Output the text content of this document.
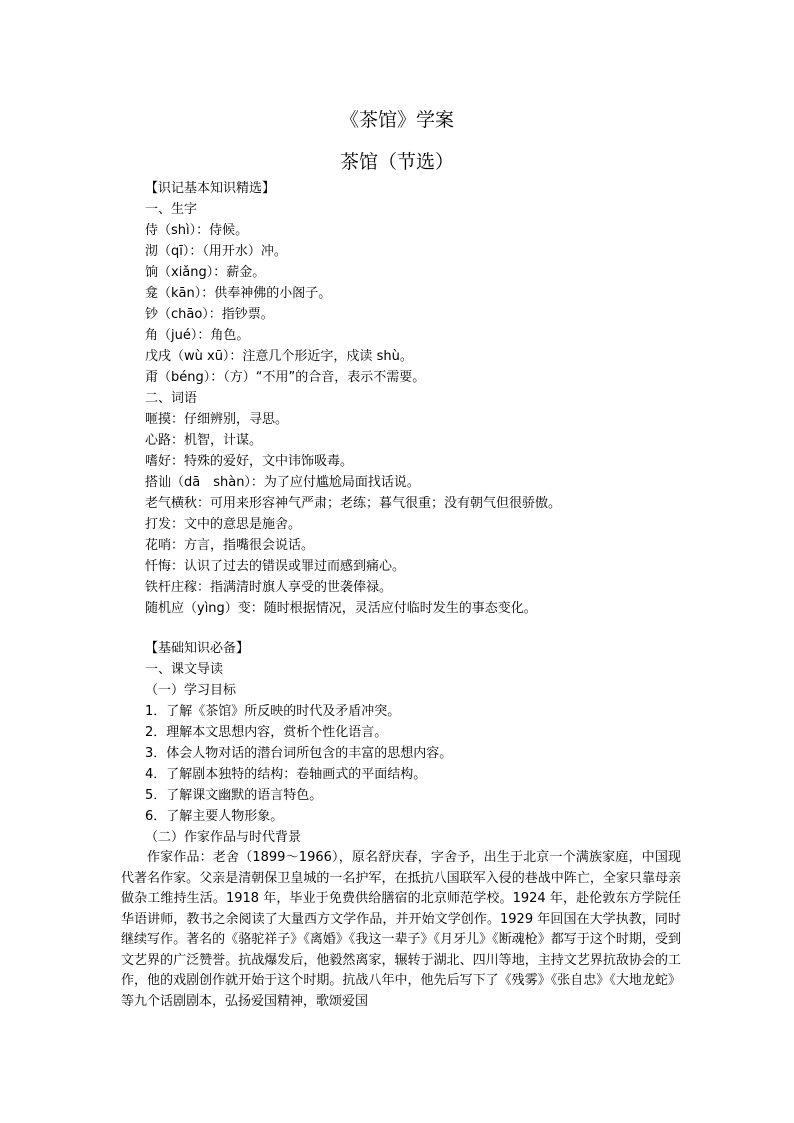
《茶馆》学案
茶馆（节选）
【识记基本知识精选】
一、生字
侍（shì）：侍候。
沏（qī）：（用开水）冲。
饷（xiǎng）：薪金。
龛（kān）：供奉神佛的小阁子。
钞（chāo）：指钞票。
角（jué）：角色。
戊戌（wù xū）：注意几个形近字，戍读 shù。
甭（béng）：（方）“不用”的合音，表示不需要。
二、词语
咂摸：仔细辨别，寻思。
心路：机智，计谋。
嗜好：特殊的爱好，文中讳饰吸毒。
搭讪（dā　shàn）：为了应付尴尬局面找话说。
老气横秋：可用来形容神气严肃；老练；暮气很重；没有朝气但很骄傲。
打发：文中的意思是施舍。
花哨：方言，指嘴很会说话。
忏悔：认识了过去的错误或罪过而感到痛心。
铁杆庄稼：指满清时旗人享受的世袭俸禄。
随机应（yìng）变：随时根据情况，灵活应付临时发生的事态变化。
【基础知识必备】
一、课文导读
（一）学习目标
1．了解《茶馆》所反映的时代及矛盾冲突。
2．理解本文思想内容，赏析个性化语言。
3．体会人物对话的潜台词所包含的丰富的思想内容。
4．了解剧本独特的结构：卷轴画式的平面结构。
5．了解课文幽默的语言特色。
6．了解主要人物形象。
（二）作家作品与时代背景
作家作品：老舍（1899～1966），原名舒庆春，字舍予，出生于北京一个满族家庭，中国现代著名作家。父亲是清朝保卫皇城的一名护军，在抵抗八国联军入侵的巷战中阵亡，全家只靠母亲做杂工维持生活。1918 年，毕业于免费供给膳宿的北京师范学校。1924 年，赴伦敦东方学院任华语讲师，教书之余阅读了大量西方文学作品，并开始文学创作。1929 年回国在大学执教，同时继续写作。著名的《骆驼祥子》《离婚》《我这一辈子》《月牙儿》《断魂枪》都写于这个时期，受到文艺界的广泛赞誉。抗战爆发后，他毅然离家，辗转于湖北、四川等地，主持文艺界抗敌协会的工作，他的戏剧创作就开始于这个时期。抗战八年中，他先后写下了《残雾》《张自忠》《大地龙蛇》等九个话剧剧本，弘扬爱国精神，歌颂爱国
